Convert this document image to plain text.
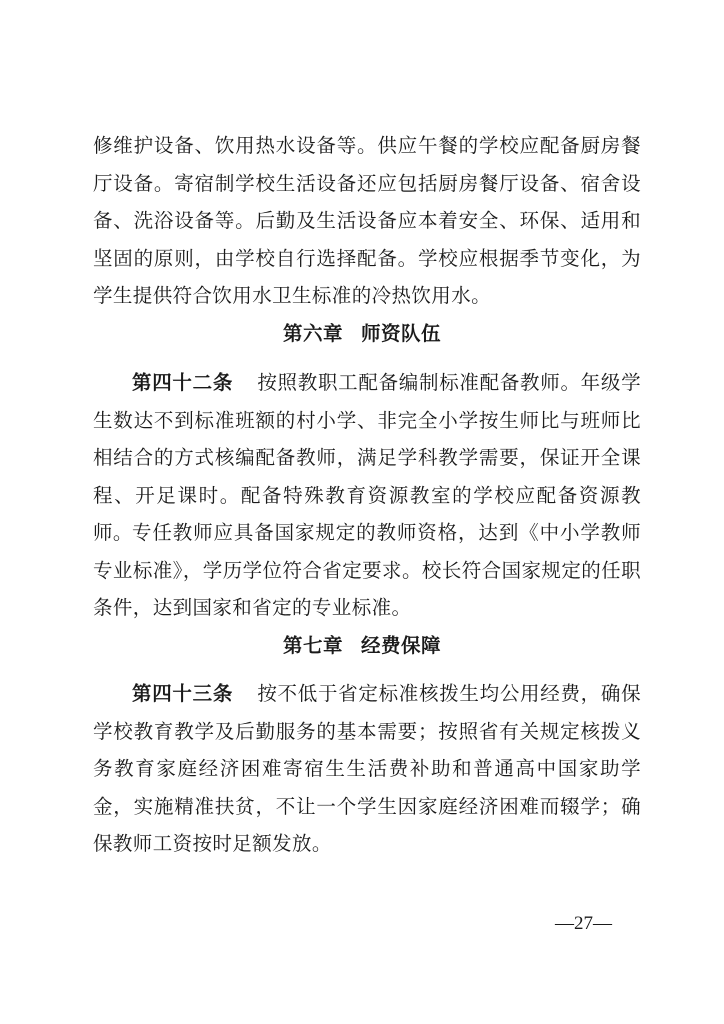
修维护设备、饮用热水设备等。供应午餐的学校应配备厨房餐厅设备。寄宿制学校生活设备还应包括厨房餐厅设备、宿舍设备、洗浴设备等。后勤及生活设备应本着安全、环保、适用和坚固的原则，由学校自行选择配备。学校应根据季节变化，为学生提供符合饮用水卫生标准的冷热饮用水。
第六章 师资队伍
第四十二条 按照教职工配备编制标准配备教师。年级学生数达不到标准班额的村小学、非完全小学按生师比与班师比相结合的方式核编配备教师，满足学科教学需要，保证开全课程、开足课时。配备特殊教育资源教室的学校应配备资源教师。 专任教师应具备国家规定的教师资格，达到《中小学教师专业标准》，学历学位符合省定要求。校长符合国家规定的任职条件，达到国家和省定的专业标准。
第七章 经费保障
第四十三条 按不低于省定标准核拨生均公用经费，确保学校教育教学及后勤服务的基本需要；按照省有关规定核拨义务教育家庭经济困难寄宿生生活费补助和普通高中国家助学金，实施精准扶贫，不让一个学生因家庭经济困难而辍学；确保教师工资按时足额发放。
—27—
